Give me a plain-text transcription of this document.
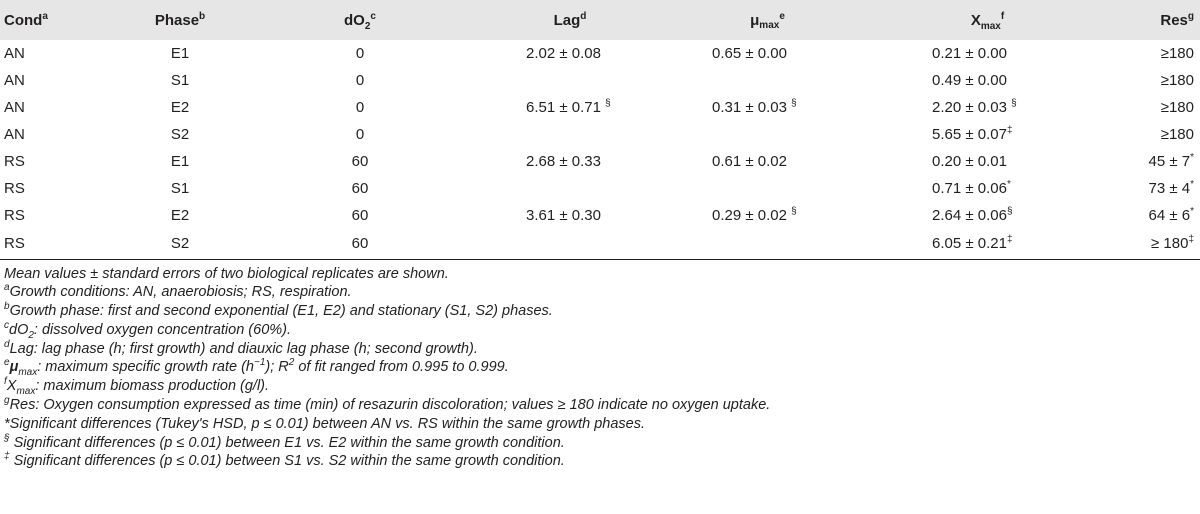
Cond$^a$	Phase$^b$	$dO_2^c$	Lag$^d$	$\mu_{max}^e$	$X_{max}^f$	Res$^g$
AN	E1	0	2.02 ± 0.08	0.65 ± 0.00	0.21 ± 0.00	≥180
AN	S1	0			0.49 ± 0.00	≥180
AN	E2	0	6.51 ± 0.71 §	0.31 ± 0.03 §	2.20 ± 0.03 §	≥180
AN	S2	0			5.65 ± 0.07‡	≥180
RS	E1	60	2.68 ± 0.33	0.61 ± 0.02	0.20 ± 0.01	45 ± 7*
RS	S1	60			0.71 ± 0.06*	73 ± 4*
RS	E2	60	3.61 ± 0.30	0.29 ± 0.02 §	2.64 ± 0.06§	64 ± 6*
RS	S2	60			6.05 ± 0.21‡	≥ 180‡
Mean values ± standard errors of two biological replicates are shown.
$^a$Growth conditions: AN, anaerobiosis; RS, respiration.
$^b$Growth phase: first and second exponential (E1, E2) and stationary (S1, S2) phases.
$^cdO_2$: dissolved oxygen concentration (60%).
$^d$Lag: lag phase (h; first growth) and diauxic lag phase (h; second growth).
$^e\mu_{max}$: maximum specific growth rate $(h^{-1})$; $R^2$ of fit ranged from 0.995 to 0.999.
$^fX_{max}$: maximum biomass production (g/l).
$^g$Res: Oxygen consumption expressed as time (min) of resazurin discoloration; values ≥ 180 indicate no oxygen uptake.
*Significant differences (Tukey's HSD, p ≤ 0.01) between AN vs. RS within the same growth phases.
§ Significant differences (p ≤ 0.01) between E1 vs. E2 within the same growth condition.
‡ Significant differences (p ≤ 0.01) between S1 vs. S2 within the same growth condition.
